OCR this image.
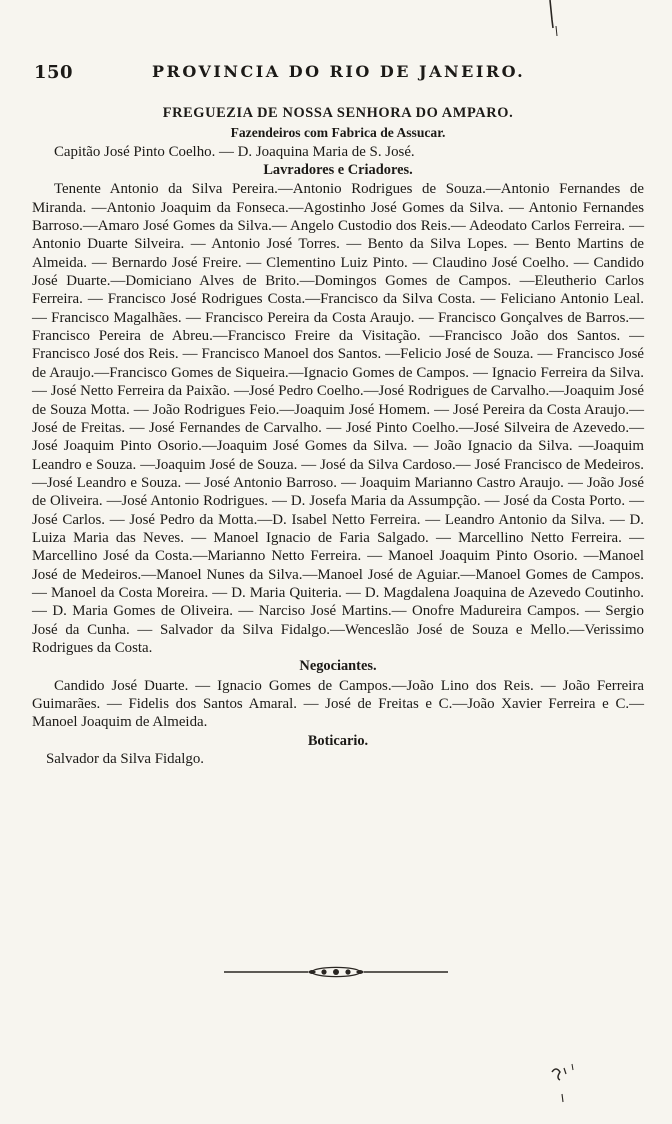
150	PROVINCIA DO RIO DE JANEIRO.

FREGUEZIA DE NOSSA SENHORA DO AMPARO.

Fazendeiros com Fabrica de Assucar.

Capitão José Pinto Coelho. — D. Joaquina Maria de S. José.

Lavradores e Criadores.

Tenente Antonio da Silva Pereira.—Antonio Rodrigues de Souza.—Antonio Fernandes de Miranda. —Antonio Joaquim da Fonseca.—Agostinho José Gomes da Silva. — Antonio Fernandes Barroso.—Amaro José Gomes da Silva.— Angelo Custodio dos Reis.— Adeodato Carlos Ferreira. —Antonio Duarte Silveira. — Antonio José Torres. — Bento da Silva Lopes. — Bento Martins de Almeida. — Bernardo José Freire. — Clementino Luiz Pinto. — Claudino José Coelho. — Candido José Duarte.—Domiciano Alves de Brito.—Domingos Gomes de Campos. —Eleutherio Carlos Ferreira. — Francisco José Rodrigues Costa.—Francisco da Silva Costa. — Feliciano Antonio Leal. — Francisco Magalhães. — Francisco Pereira da Costa Araujo. — Francisco Gonçalves de Barros.—Francisco Pereira de Abreu.—Francisco Freire da Visitação. —Francisco João dos Santos. —Francisco José dos Reis. — Francisco Manoel dos Santos. —Felicio José de Souza. — Francisco José de Araujo.—Francisco Gomes de Siqueira.—Ignacio Gomes de Campos. — Ignacio Ferreira da Silva. — José Netto Ferreira da Paixão. —José Pedro Coelho.—José Rodrigues de Carvalho.—Joaquim José de Souza Motta. — João Rodrigues Feio.—Joaquim José Homem. — José Pereira da Costa Araujo.—José de Freitas. — José Fernandes de Carvalho. — José Pinto Coelho.—José Silveira de Azevedo.—José Joaquim Pinto Osorio.—Joaquim José Gomes da Silva. — João Ignacio da Silva. —Joaquim Leandro e Souza. —Joaquim José de Souza. — José da Silva Cardoso.— José Francisco de Medeiros.—José Leandro e Souza. — José Antonio Barroso. — Joaquim Marianno Castro Araujo. — João José de Oliveira. —José Antonio Rodrigues. — D. Josefa Maria da Assumpção. — José da Costa Porto. — José Carlos. — José Pedro da Motta.—D. Isabel Netto Ferreira. — Leandro Antonio da Silva. — D. Luiza Maria das Neves. — Manoel Ignacio de Faria Salgado. — Marcellino Netto Ferreira. — Marcellino José da Costa.—Marianno Netto Ferreira. — Manoel Joaquim Pinto Osorio. —Manoel José de Medeiros.—Manoel Nunes da Silva.—Manoel José de Aguiar.—Manoel Gomes de Campos. — Manoel da Costa Moreira. — D. Maria Quiteria. — D. Magdalena Joaquina de Azevedo Coutinho. — D. Maria Gomes de Oliveira. — Narciso José Martins.— Onofre Madureira Campos. — Sergio José da Cunha. — Salvador da Silva Fidalgo.—Wenceslão José de Souza e Mello.—Verissimo Rodrigues da Costa.

Negociantes.

Candido José Duarte. — Ignacio Gomes de Campos.—João Lino dos Reis. — João Ferreira Guimarães. — Fidelis dos Santos Amaral. — José de Freitas e C.—João Xavier Ferreira e C.—Manoel Joaquim de Almeida.

Boticario.

Salvador da Silva Fidalgo.
